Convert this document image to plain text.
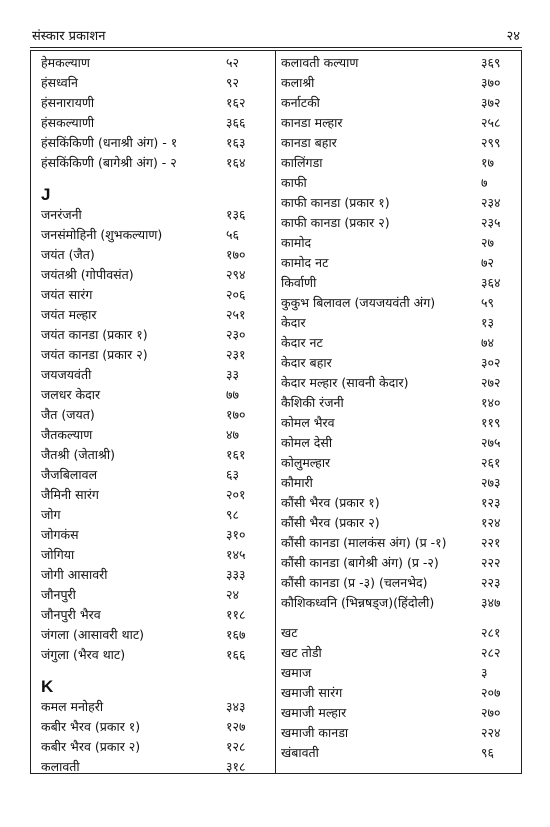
संस्कार प्रकाशन	२४
हेमकल्याण	५२
हंसध्वनि	९२
हंसनारायणी	१६२
हंसकल्याणी	३६६
हंसकिंकिणी (धनाश्री अंग) - १	१६३
हंसकिंकिणी (बागेश्री अंग) - २	१६४
J
जनरंजनी	१३६
जनसंमोहिनी (शुभकल्याण)	५६
जयंत (जैत)	१७०
जयंतश्री (गोपीवसंत)	२९४
जयंत सारंग	२०६
जयंत मल्हार	२५१
जयंत कानडा (प्रकार १)	२३०
जयंत कानडा (प्रकार २)	२३१
जयजयवंती	३३
जलधर केदार	७७
जैत (जयत)	१७०
जैतकल्याण	४७
जैतश्री (जेताश्री)	१६१
जैजबिलावल	६३
जैमिनी सारंग	२०१
जोग	९८
जोगकंस	३१०
जोगिया	१४५
जोगी आसावरी	३३३
जौनपुरी	२४
जौनपुरी भैरव	११८
जंगला (आसावरी थाट)	१६७
जंगुला (भैरव थाट)	१६६
K
कमल मनोहरी	३४३
कबीर भैरव (प्रकार १)	१२७
कबीर भैरव (प्रकार २)	१२८
कलावती	३१८
कलावती कल्याण	३६९
कलाश्री	३७०
कर्नाटकी	३७२
कानडा मल्हार	२५८
कानडा बहार	२९९
कालिंगडा	१७
काफी	७
काफी कानडा (प्रकार १)	२३४
काफी कानडा (प्रकार २)	२३५
कामोद	२७
कामोद नट	७२
किर्वाणी	३६४
कुकुभ बिलावल (जयजयवंती अंग)	५९
केदार	१३
केदार नट	७४
केदार बहार	३०२
केदार मल्हार (सावनी केदार)	२७२
कैशिकी रंजनी	१४०
कोमल भैरव	११९
कोमल देसी	२७५
कोलुमल्हार	२६१
कौमारी	२७३
कौंसी भैरव (प्रकार १)	१२३
कौंसी भैरव (प्रकार २)	१२४
कौंसी कानडा (मालकंस अंग) (प्र -१)	२२१
कौंसी कानडा (बागेश्री अंग) (प्र -२)	२२२
कौंसी कानडा (प्र -३) (चलनभेद)	२२३
कौशिकध्वनि (भिन्नषड्ज)(हिंदोली)	३४७
खट	२८१
खट तोडी	२८२
खमाज	३
खमाजी सारंग	२०७
खमाजी मल्हार	२७०
खमाजी कानडा	२२४
खंबावती	९६
